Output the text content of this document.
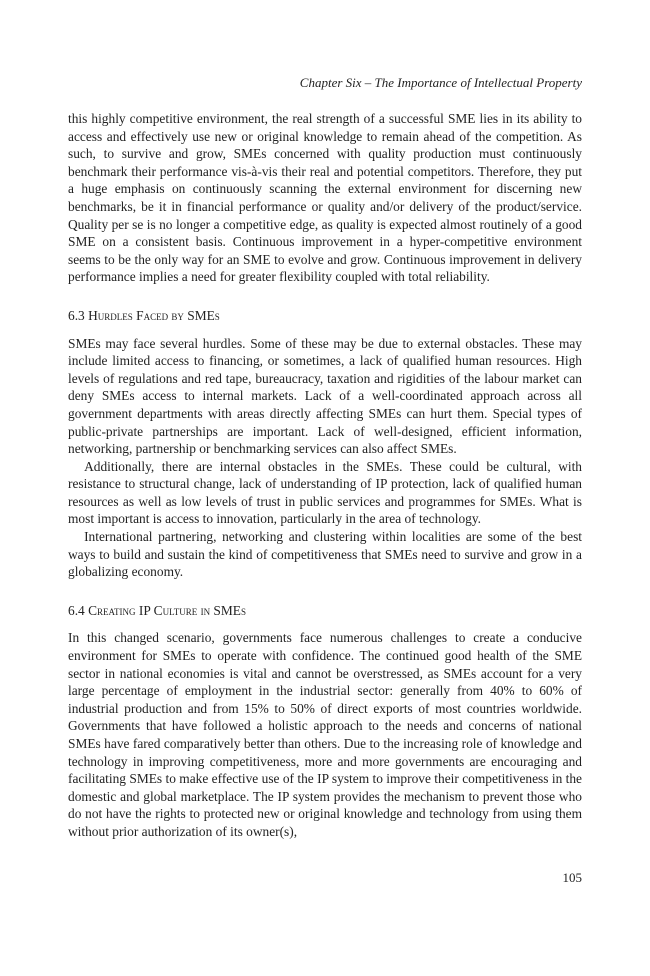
Chapter Six – The Importance of Intellectual Property

this highly competitive environment, the real strength of a successful SME lies in its ability to access and effectively use new or original knowledge to remain ahead of the competition. As such, to survive and grow, SMEs concerned with quality production must continuously benchmark their performance vis-à-vis their real and potential competitors. Therefore, they put a huge emphasis on continuously scanning the external environment for discerning new benchmarks, be it in financial performance or quality and/or delivery of the product/service. Quality per se is no longer a competitive edge, as quality is expected almost routinely of a good SME on a consistent basis. Continuous improvement in a hyper-competitive environment seems to be the only way for an SME to evolve and grow. Continuous improvement in delivery performance implies a need for greater flexibility coupled with total reliability.

6.3 Hurdles Faced by SMEs

SMEs may face several hurdles. Some of these may be due to external obstacles. These may include limited access to financing, or sometimes, a lack of qualified human resources. High levels of regulations and red tape, bureaucracy, taxation and rigidities of the labour market can deny SMEs access to internal markets. Lack of a well-coordinated approach across all government departments with areas directly affecting SMEs can hurt them. Special types of public-private partnerships are important. Lack of well-designed, efficient information, networking, partnership or benchmarking services can also affect SMEs.

Additionally, there are internal obstacles in the SMEs. These could be cultural, with resistance to structural change, lack of understanding of IP protection, lack of qualified human resources as well as low levels of trust in public services and programmes for SMEs. What is most important is access to innovation, particularly in the area of technology.

International partnering, networking and clustering within localities are some of the best ways to build and sustain the kind of competitiveness that SMEs need to survive and grow in a globalizing economy.

6.4 Creating IP Culture in SMEs

In this changed scenario, governments face numerous challenges to create a conducive environment for SMEs to operate with confidence. The continued good health of the SME sector in national economies is vital and cannot be overstressed, as SMEs account for a very large percentage of employment in the industrial sector: generally from 40% to 60% of industrial production and from 15% to 50% of direct exports of most countries worldwide. Governments that have followed a holistic approach to the needs and concerns of national SMEs have fared comparatively better than others. Due to the increasing role of knowledge and technology in improving competitiveness, more and more governments are encouraging and facilitating SMEs to make effective use of the IP system to improve their competitiveness in the domestic and global marketplace. The IP system provides the mechanism to prevent those who do not have the rights to protected new or original knowledge and technology from using them without prior authorization of its owner(s),

105
